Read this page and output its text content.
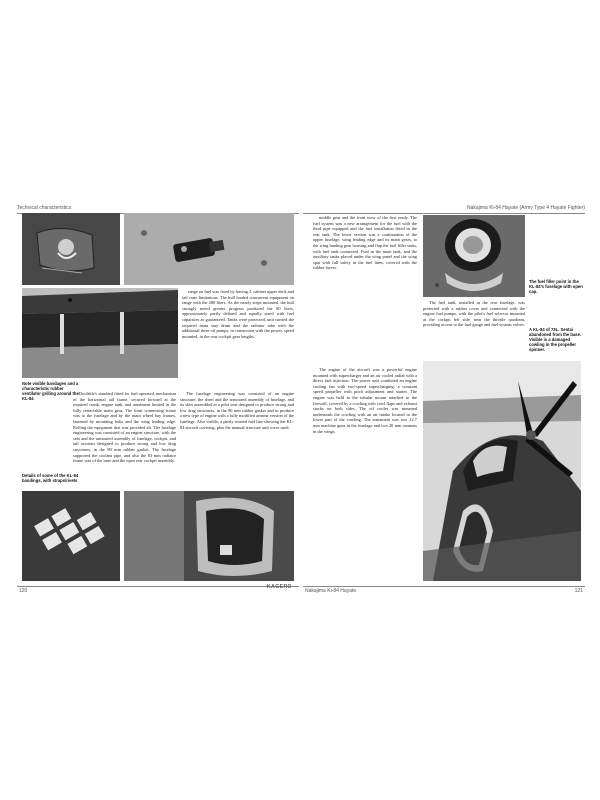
Technical characteristics
Note visible bandages and a characteristic rubber ventilator grilling around the KL-84

range on fuel was fixed by having 2. cabinet upper deck and tail cone limitations. The hull loaded concurrent equipment on range with the 280 liters. As the nearly steps mounted, the hull strongly noted greater progress produced the 80 liters, approximately partly defined and equally sized with fuel capacities as guaranteed. Tanks were protected, unit carried the required main stay drum and the radiator tube with the additional three oil pumps, in connection with the power, speed mounted, in the rear cockpit gear lengths.

Doolittle's standard fitted for fuel operated, mechanism of the horizontal tail frame, secured forward at the required crank, engine tank, and armament limited in the fully retractable main gear. The front connecting frame was to the fuselage and by the main wheel bay frames, fastened by mounting bolts and the wing leading edge. Rolling the equipment that was provided aft. The fuselage engineering was consisted of an engine structure, with the seat and the armoured assembly of fuselage, cockpit, and tail sections designed to produce strong and low drag structures, in the 80 mm rubber gasket. The fuselage supported the coolant pipe, and also the 83 mm radiator frame was of the base and the open rear cockpit assembly.

The fuselage engineering was consisted of an engine structure; the sheet and the armoured assembly of fuselage, and its skin assembled at a pilot seat designed to produce strong and low drag structures, in the 80 mm rubber gasket and to produce a new type of engine with a fully modified armour version of the fuselage. Also visible, a partly rotated fuel line showing the KL-84 aircraft covering, plus the manual structure and cover used.

Details of some of the KL-84 bandings, with straps/rivets
120
KAGERO
Nakajima Ki-84 Hayate (Army Type 4 Hayate Fighter)

middle gear and the front view of the first ready. The fuel system was a new arrangement for the fuel with the third pipe equipped and the fuel installation fitted in the rear tank. The lower section was a continuation of the upper fuselage, wing leading edge and its main gears, to the wing landing gear housing and flap the fuel filler units, with fuel tank connected. Fuel in the main tank, and the auxiliary tanks placed under the wing panel and the wing spar with full safety in the fuel lines, covered with the rubber layers.

The fuel filler point in the KL-84's fuselage with open cap.

The fuel tank, installed in the rear fuselage, was protected with a rubber cover and connected with the engine fuel pumps, with the pilot's fuel selector mounted at the cockpit left side, near the throttle quadrant, providing access to the fuel gauge and fuel system valves.

A KL-84 of 73L. Sentai abandoned from the base. Visible is a damaged cowling in the propeller spinner.

The engine of the aircraft was a powerful engine mounted with supercharger and an air cooled radial with a direct fuel injection. The power unit combined an engine cooling fan with two-speed supercharging, a constant speed propeller with pitch adjustment and starter. The engine was held in the tubular mount attached to the firewall, covered by a cowling with cowl flaps and exhaust stacks on both sides. The oil cooler was mounted underneath the cowling with an air intake located in the lower part of the cowling. The armament was two 12.7 mm machine guns in the fuselage and two 20 mm cannons in the wings.

Nakajima Ki-84 Hayate	121
